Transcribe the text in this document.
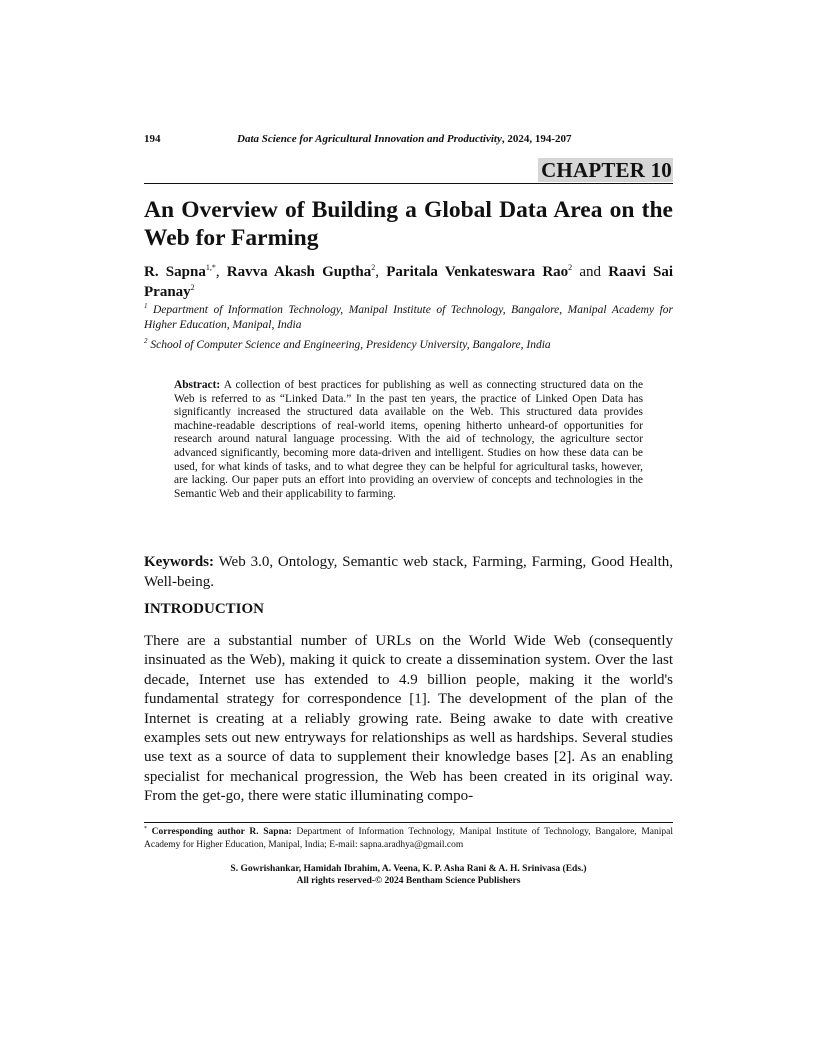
194	Data Science for Agricultural Innovation and Productivity, 2024, 194-207
CHAPTER 10
An Overview of Building a Global Data Area on the Web for Farming

R. Sapna$^{1,*}$, Ravva Akash Guptha$^2$, Paritala Venkateswara Rao$^2$ and Raavi Sai Pranay$^2$

$^1$ Department of Information Technology, Manipal Institute of Technology, Bangalore, Manipal Academy for Higher Education, Manipal, India

$^2$ School of Computer Science and Engineering, Presidency University, Bangalore, India

Abstract: A collection of best practices for publishing as well as connecting structured data on the Web is referred to as “Linked Data.” In the past ten years, the practice of Linked Open Data has significantly increased the structured data available on the Web. This structured data provides machine-readable descriptions of real-world items, opening hitherto unheard-of opportunities for research around natural language processing. With the aid of technology, the agriculture sector advanced significantly, becoming more data-driven and intelligent. Studies on how these data can be used, for what kinds of tasks, and to what degree they can be helpful for agricultural tasks, however, are lacking. Our paper puts an effort into providing an overview of concepts and technologies in the Semantic Web and their applicability to farming.

Keywords: Web 3.0, Ontology, Semantic web stack, Farming, Farming, Good Health, Well-being.

INTRODUCTION

There are a substantial number of URLs on the World Wide Web (consequently insinuated as the Web), making it quick to create a dissemination system. Over the last decade, Internet use has extended to 4.9 billion people, making it the world's fundamental strategy for correspondence [1]. The development of the plan of the Internet is creating at a reliably growing rate. Being awake to date with creative examples sets out new entryways for relationships as well as hardships. Several studies use text as a source of data to supplement their knowledge bases [2]. As an enabling specialist for mechanical progression, the Web has been created in its original way. From the get-go, there were static illuminating compo-

* Corresponding author R. Sapna: Department of Information Technology, Manipal Institute of Technology, Bangalore, Manipal Academy for Higher Education, Manipal, India; E-mail: sapna.aradhya@gmail.com

S. Gowrishankar, Hamidah Ibrahim, A. Veena, K. P. Asha Rani & A. H. Srinivasa (Eds.)
All rights reserved-© 2024 Bentham Science Publishers
